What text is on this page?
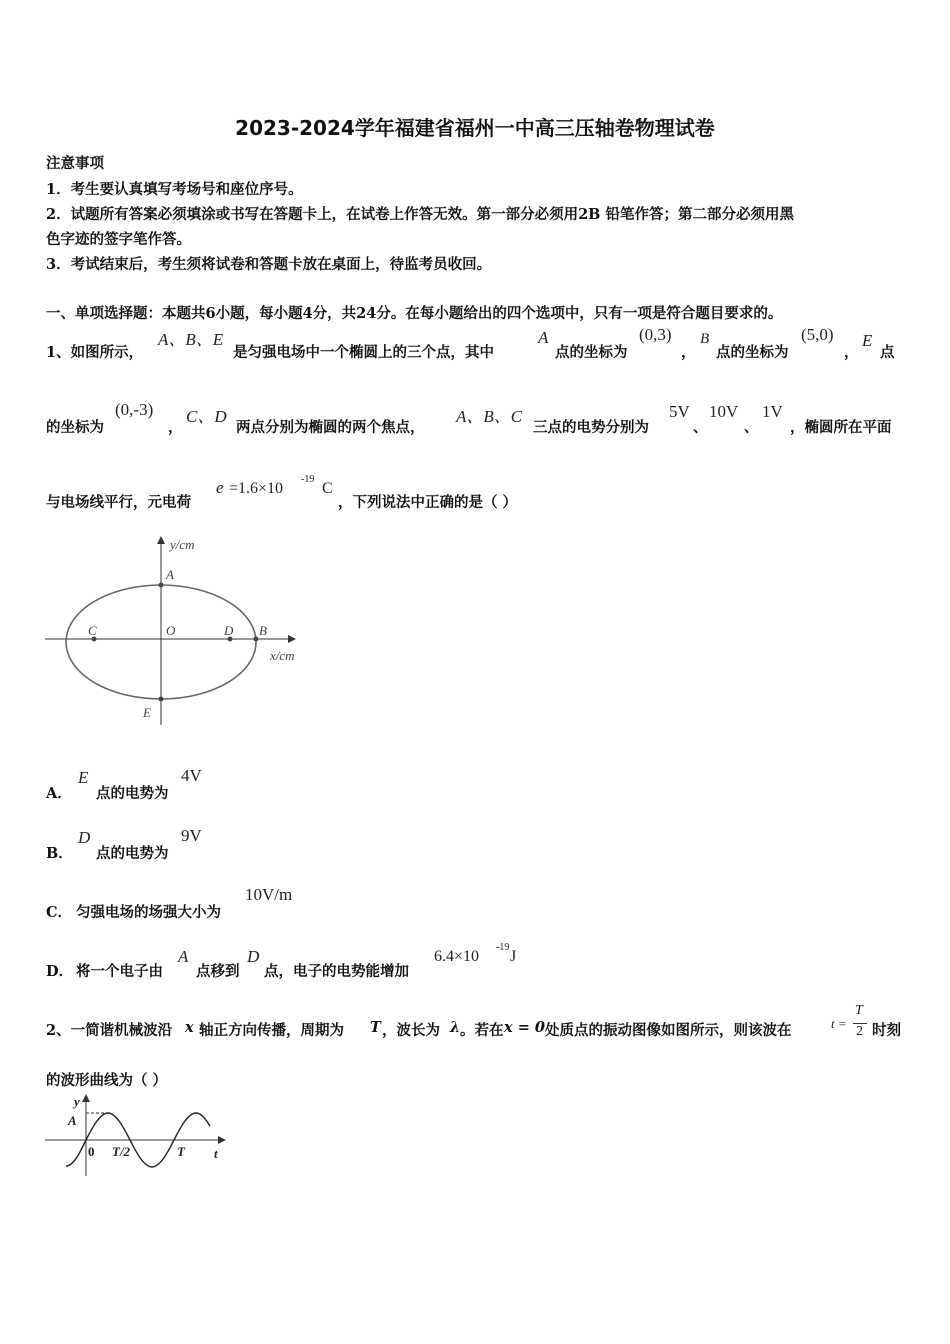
2023-2024学年福建省福州一中高三压轴卷物理试卷
注意事项
1．考生要认真填写考场号和座位序号。
2．试题所有答案必须填涂或书写在答题卡上，在试卷上作答无效。第一部分必须用2B 铅笔作答；第二部分必须用黑
色字迹的签字笔作答。
3．考试结束后，考生须将试卷和答题卡放在桌面上，待监考员收回。
一、单项选择题：本题共6小题，每小题4分，共24分。在每小题给出的四个选项中，只有一项是符合题目要求的。
1、如图所示，
A、B、E
是匀强电场中一个椭圆上的三个点，其中
A
点的坐标为
(0,3)
，
B
点的坐标为
(5,0)
，
E
点
的坐标为
(0,-3)
，
C、D
两点分别为椭圆的两个焦点，
A、B、C
三点的电势分别为
5V
、
10V
、
1V
，椭圆所在平面
与电场线平行，元电荷
e =1.6×10
-19
C
，下列说法中正确的是（ ）
y/cm
x/cm
A
B
C	D
E
O
A．
E
点的电势为
4V
B．
D
点的电势为
9V
C． 匀强电场的场强大小为
10V/m
D． 将一个电子由
A
点移到
D
点，电子的电势能增加
6.4×10
-19
J
2、一简谐机械波沿 x 轴正方向传播，周期为 T ，波长为 λ 。若在 x = 0 处质点的振动图像如图所示，则该波在	t =
T
2 时刻
的波形曲线为（ ）
y
A
0 T/2	T t
